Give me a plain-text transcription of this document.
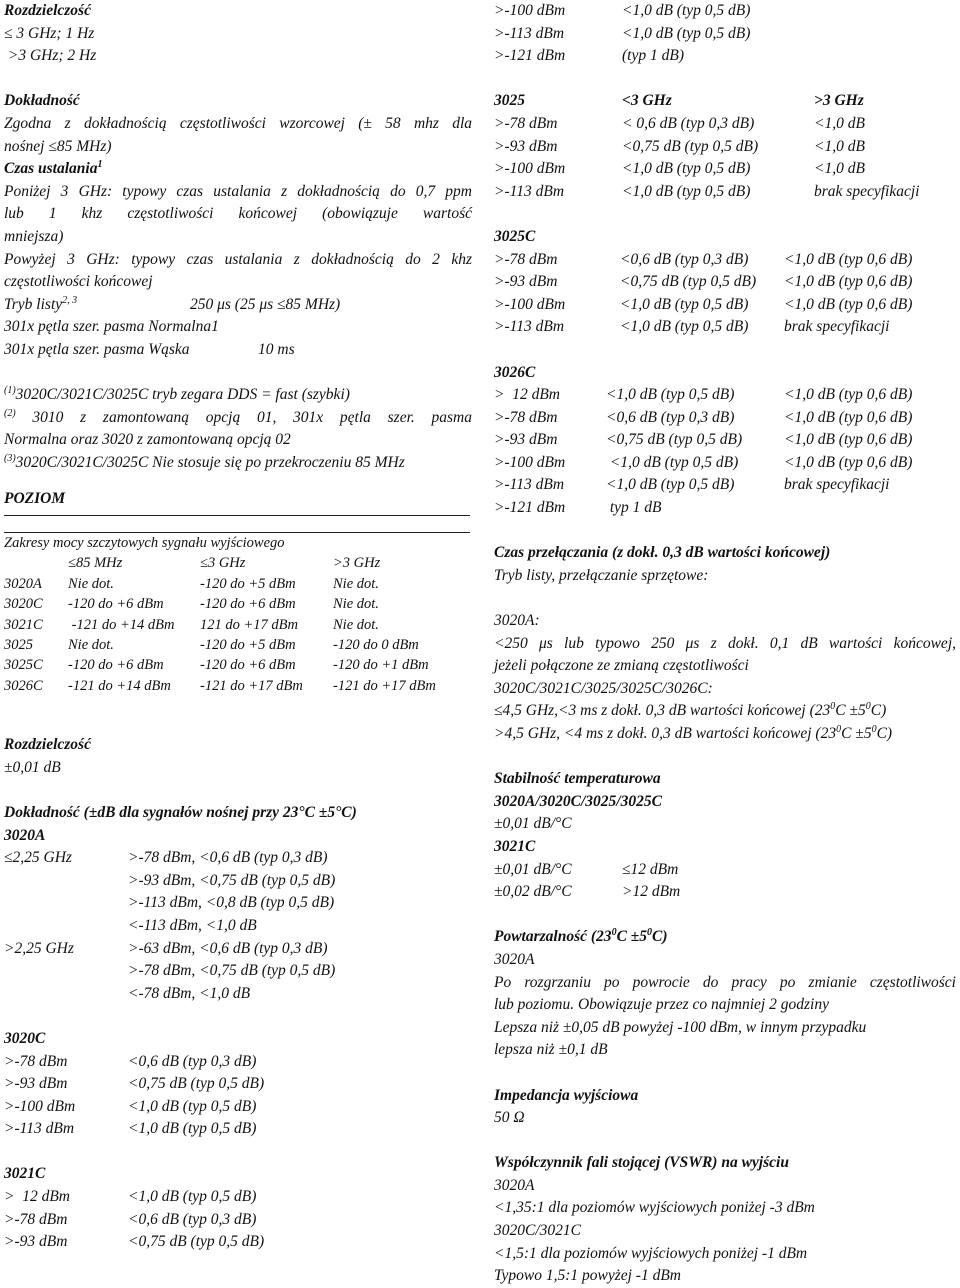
Rozdzielczość
≤ 3 GHz; 1 Hz
>3 GHz; 2 Hz
Dokładność
Zgodna z dokładnością częstotliwości wzorcowej (± 58 mhz dla
nośnej ≤85 MHz)
Czas ustalania$^1$
Poniżej 3 GHz: typowy czas ustalania z dokładnością do 0,7 ppm
lub 1 khz częstotliwości końcowej (obowiązuje wartość
mniejsza)
Powyżej 3 GHz: typowy czas ustalania z dokładnością do 2 khz
częstotliwości końcowej
Tryb listy$^{2, 3}$	250 μs (25 μs ≤85 MHz)
301x pętla szer. pasma Normalna1
301x pętla szer. pasma Wąska	10 ms
$^{(1)}$3020C/3021C/3025C tryb zegara DDS = fast (szybki)
$^{(2)}$ 3010 z zamontowaną opcją 01, 301x pętla szer. pasma
Normalna oraz 3020 z zamontowaną opcją 02
$^{(3)}$3020C/3021C/3025C Nie stosuje się po przekroczeniu 85 MHz
POZIOM
Zakresy mocy szczytowych sygnału wyjściowego
≤85 MHz	≤3 GHz	>3 GHz
3020A Nie dot.	-120 do +5 dBm	Nie dot.
3020C -120 do +6 dBm	-120 do +6 dBm	Nie dot.
3021C -121 do +14 dBm 121 do +17 dBm Nie dot.
3025 Nie dot.	-120 do +5 dBm	-120 do 0 dBm
3025C -120 do +6 dBm	-120 do +6 dBm	-120 do +1 dBm
3026C -121 do +14 dBm -121 do +17 dBm -121 do +17 dBm
Rozdzielczość
±0,01 dB
Dokładność (±dB dla sygnałów nośnej przy 23°C ±5°C)
3020A
≤2,25 GHz	>-78 dBm, <0,6 dB (typ 0,3 dB)
>-93 dBm, <0,75 dB (typ 0,5 dB)
>-113 dBm, <0,8 dB (typ 0,5 dB)
<-113 dBm, <1,0 dB
>2,25 GHz	>-63 dBm, <0,6 dB (typ 0,3 dB)
>-78 dBm, <0,75 dB (typ 0,5 dB)
<-78 dBm, <1,0 dB
3020C
>-78 dBm	<0,6 dB (typ 0,3 dB)
>-93 dBm	<0,75 dB (typ 0,5 dB)
>-100 dBm	<1,0 dB (typ 0,5 dB)
>-113 dBm	<1,0 dB (typ 0,5 dB)
3021C
>  12 dBm	<1,0 dB (typ 0,5 dB)
>-78 dBm	<0,6 dB (typ 0,3 dB)
>-93 dBm	<0,75 dB (typ 0,5 dB)
>-100 dBm	<1,0 dB (typ 0,5 dB)
>-113 dBm	<1,0 dB (typ 0,5 dB)
>-121 dBm	(typ 1 dB)
3025	<3 GHz	>3 GHz
>-78 dBm	< 0,6 dB (typ 0,3 dB)	<1,0 dB
>-93 dBm	<0,75 dB (typ 0,5 dB)	<1,0 dB
>-100 dBm	<1,0 dB (typ 0,5 dB)	<1,0 dB
>-113 dBm	<1,0 dB (typ 0,5 dB)	brak specyfikacji
3025C
>-78 dBm	<0,6 dB (typ 0,3 dB) <1,0 dB (typ 0,6 dB)
>-93 dBm	<0,75 dB (typ 0,5 dB) <1,0 dB (typ 0,6 dB)
>-100 dBm	<1,0 dB (typ 0,5 dB) <1,0 dB (typ 0,6 dB)
>-113 dBm	<1,0 dB (typ 0,5 dB) brak specyfikacji
3026C
>  12 dBm	<1,0 dB (typ 0,5 dB)	<1,0 dB (typ 0,6 dB)
>-78 dBm	<0,6 dB (typ 0,3 dB)	<1,0 dB (typ 0,6 dB)
>-93 dBm	<0,75 dB (typ 0,5 dB)	<1,0 dB (typ 0,6 dB)
>-100 dBm	<1,0 dB (typ 0,5 dB)	<1,0 dB (typ 0,6 dB)
>-113 dBm	<1,0 dB (typ 0,5 dB)	brak specyfikacji
>-121 dBm	typ 1 dB
Czas przełączania (z dokł. 0,3 dB wartości końcowej)
Tryb listy, przełączanie sprzętowe:
3020A:
<250 μs lub typowo 250 μs z dokł. 0,1 dB wartości końcowej,
jeżeli połączone ze zmianą częstotliwości
3020C/3021C/3025/3025C/3026C:
≤4,5 GHz,<3 ms z dokł. 0,3 dB wartości końcowej $(23^0C \pm 5^0C)$
>4,5 GHz, <4 ms z dokł. 0,3 dB wartości końcowej $(23^0C \pm 5^0C)$
Stabilność temperaturowa
3020A/3020C/3025/3025C
±0,01 dB/°C
3021C
±0,01 dB/°C	≤12 dBm
±0,02 dB/°C	>12 dBm
Powtarzalność $(23^0C \pm 5^0C)$
3020A
Po rozgrzaniu po powrocie do pracy po zmianie częstotliwości
lub poziomu. Obowiązuje przez co najmniej 2 godziny
Lepsza niż ±0,05 dB powyżej -100 dBm, w innym przypadku
lepsza niż ±0,1 dB
Impedancja wyjściowa
50 Ω
Współczynnik fali stojącej (VSWR) na wyjściu
3020A
<1,35:1 dla poziomów wyjściowych poniżej -3 dBm
3020C/3021C
<1,5:1 dla poziomów wyjściowych poniżej -1 dBm
Typowo 1,5:1 powyżej -1 dBm
